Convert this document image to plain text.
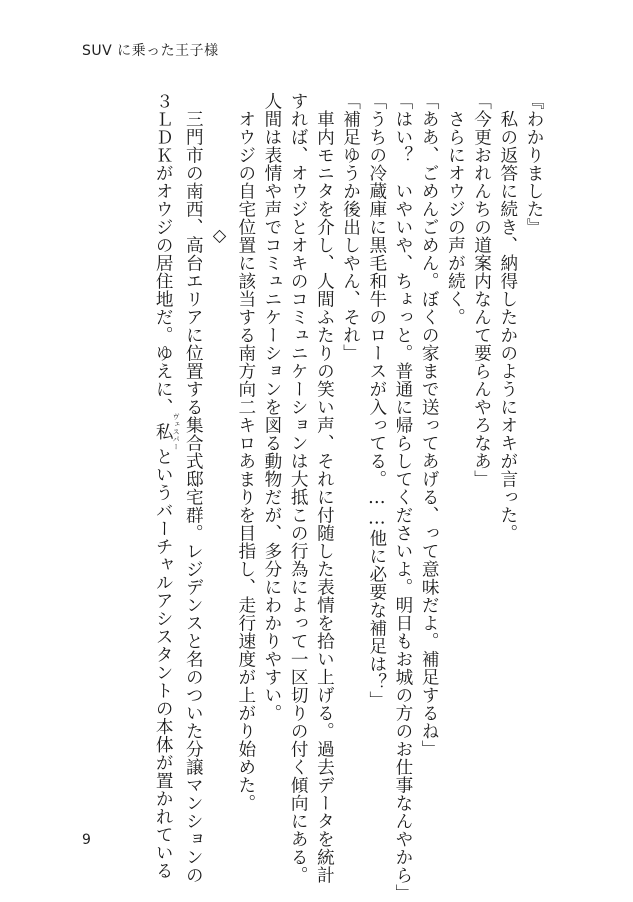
SUV に乗った王子様
『わかりました』
私の返答に続き、納得したかのようにオキが言った。
「今更おれんちの道案内なんて要らんやろなあ」
さらにオウジの声が続く。
「ああ、ごめんごめん。ぼくの家まで送ってあげる、って意味だよ。補足するね」
「はい？　いやいや、ちょっと。普通に帰らしてくださいよ。明日もお城の方のお仕事なんやから」
「うちの冷蔵庫に黒毛和牛のロースが入ってる。……他に必要な補足は？」
「補足ゆうか後出しやん、それ」
車内モニタを介し、人間ふたりの笑い声、それに付随した表情を拾い上げる。過去データを統計
すれば、オウジとオキのコミュニケーションは大抵この行為によって一区切りの付く傾向にある。
人間は表情や声でコミュニケーションを図る動物だが、多分にわかりやすい。
オウジの自宅位置に該当する南方向二キロあまりを目指し、走行速度が上がり始めた。
◇
三門市の南西、高台エリアに位置する集合式邸宅群。レジデンスと名のついた分譲マンションの
３ＬＤＫがオウジの居住地だ。ゆえに、私 ヴェスパーというバーチャルアシスタントの本体が置かれている
9
